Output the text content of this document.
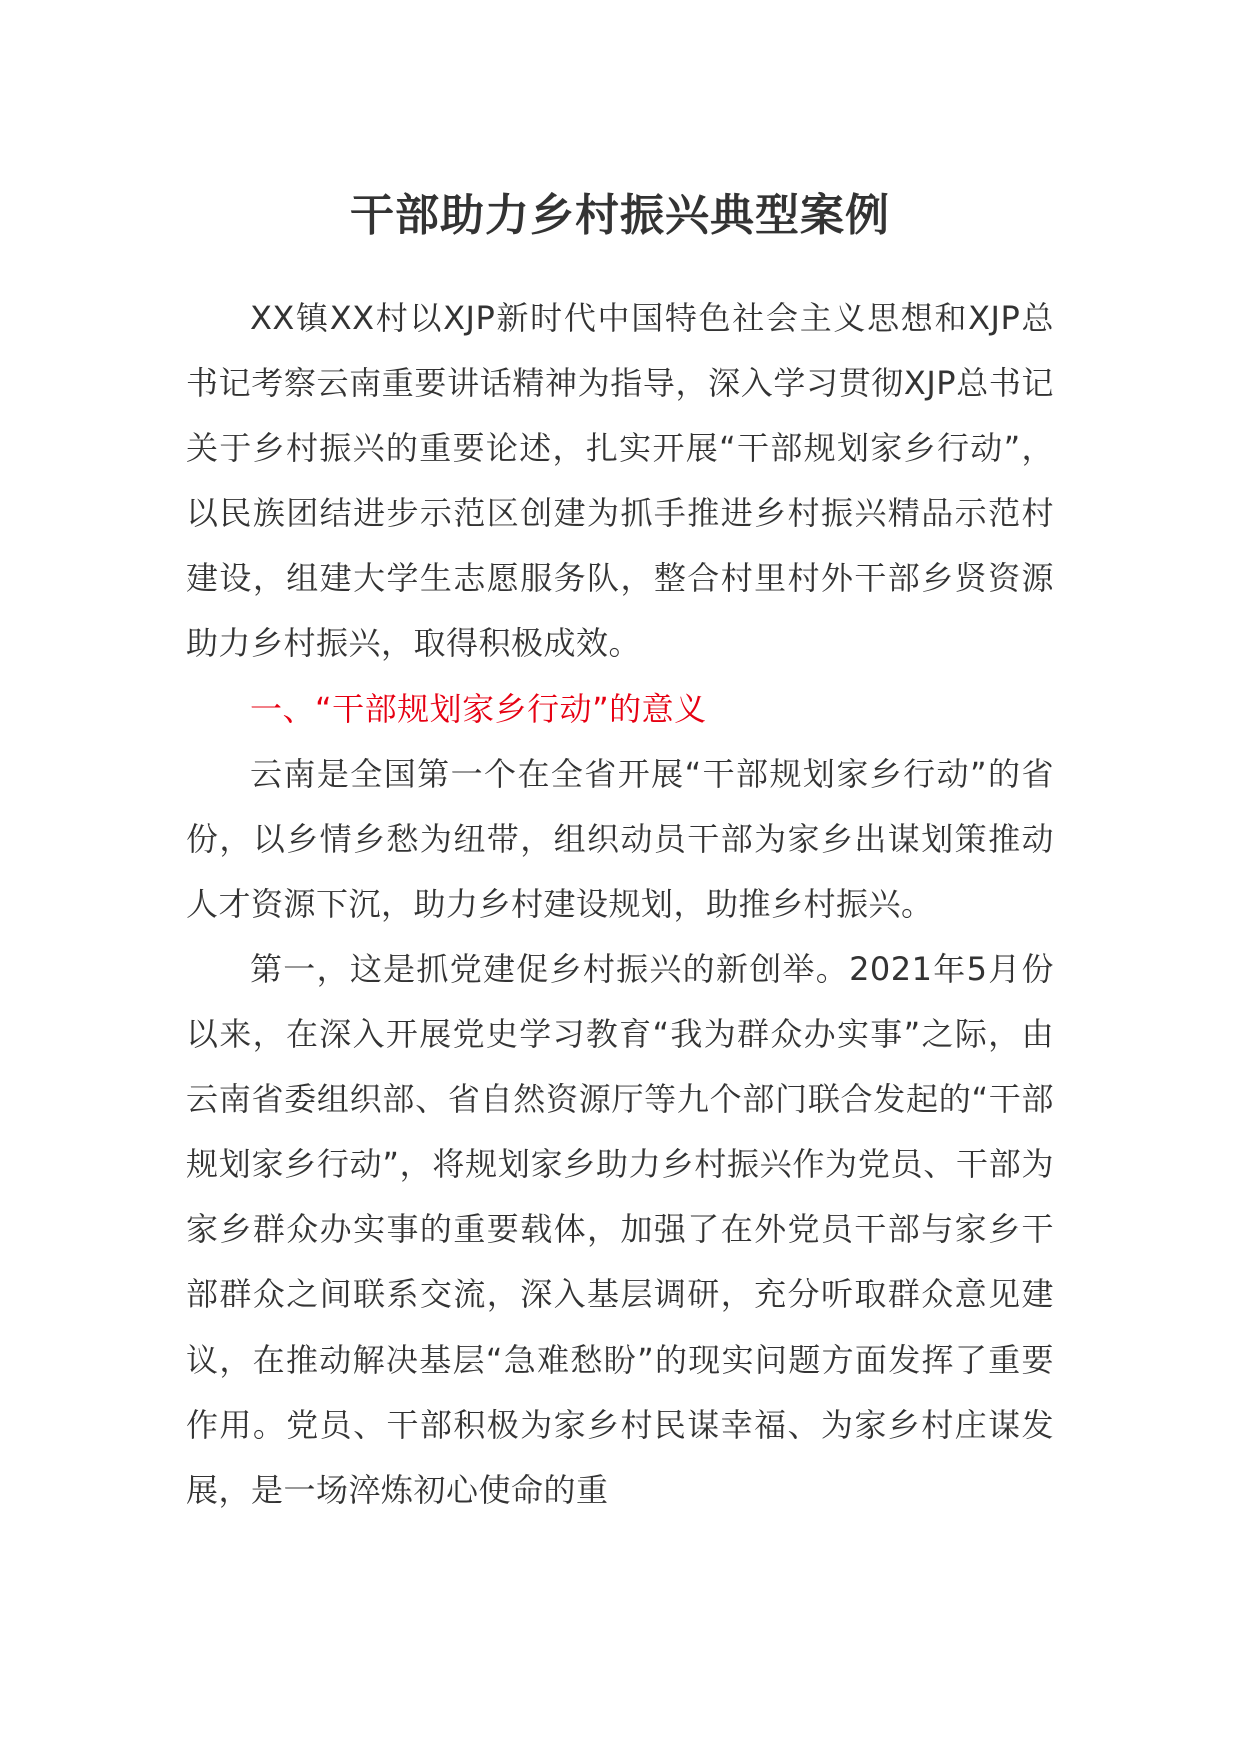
干部助力乡村振兴典型案例

XX镇XX村以XJP新时代中国特色社会主义思想和XJP总书记考察云南重要讲话精神为指导，深入学习贯彻XJP总书记关于乡村振兴的重要论述，扎实开展“干部规划家乡行动”，以民族团结进步示范区创建为抓手推进乡村振兴精品示范村建设，组建大学生志愿服务队，整合村里村外干部乡贤资源助力乡村振兴，取得积极成效。

一、“干部规划家乡行动”的意义

云南是全国第一个在全省开展“干部规划家乡行动”的省份，以乡情乡愁为纽带，组织动员干部为家乡出谋划策推动人才资源下沉，助力乡村建设规划，助推乡村振兴。

第一，这是抓党建促乡村振兴的新创举。2021年5月份以来，在深入开展党史学习教育“我为群众办实事”之际，由云南省委组织部、省自然资源厅等九个部门联合发起的“干部规划家乡行动”，将规划家乡助力乡村振兴作为党员、干部为家乡群众办实事的重要载体，加强了在外党员干部与家乡干部群众之间联系交流，深入基层调研，充分听取群众意见建议，在推动解决基层“急难愁盼”的现实问题方面发挥了重要作用。党员、干部积极为家乡村民谋幸福、为家乡村庄谋发展，是一场淬炼初心使命的重
